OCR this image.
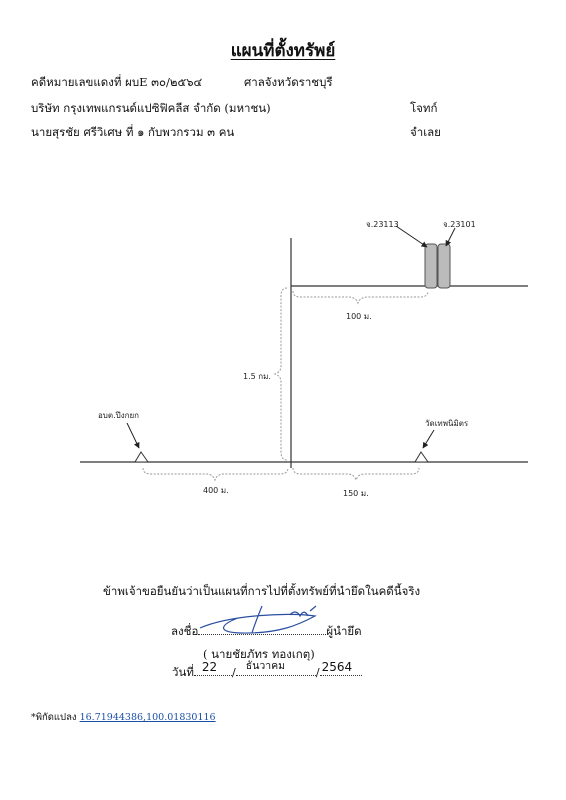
แผนที่ตั้งทรัพย์
คดีหมายเลขแดงที่ ผบE ๓๐/๒๕๖๔	ศาลจังหวัดราชบุรี
บริษัท กรุงเทพแกรนด์แปซิฟิคลีส จำกัด (มหาชน)	โจทก์
นายสุรชัย ศรีวิเศษ ที่ ๑ กับพวกรวม ๓ คน	จำเลย
จ.23113	จ.23101
100 ม.
1.5 กม.
อบต.ปึงกยก
วัดเทพนิมิตร
400 ม.	150 ม.
ข้าพเจ้าขอยืนยันว่าเป็นแผนที่การไปที่ตั้งทรัพย์ที่นำยึดในคดีนี้จริง
ลงชื่อ	ผู้นำยึด
( นายชัยภัทร ทองเกตุ)
วันที่ 22 / ธันวาคม	/ 2564
*พิกัดแปลง 16.71944386,100.01830116
